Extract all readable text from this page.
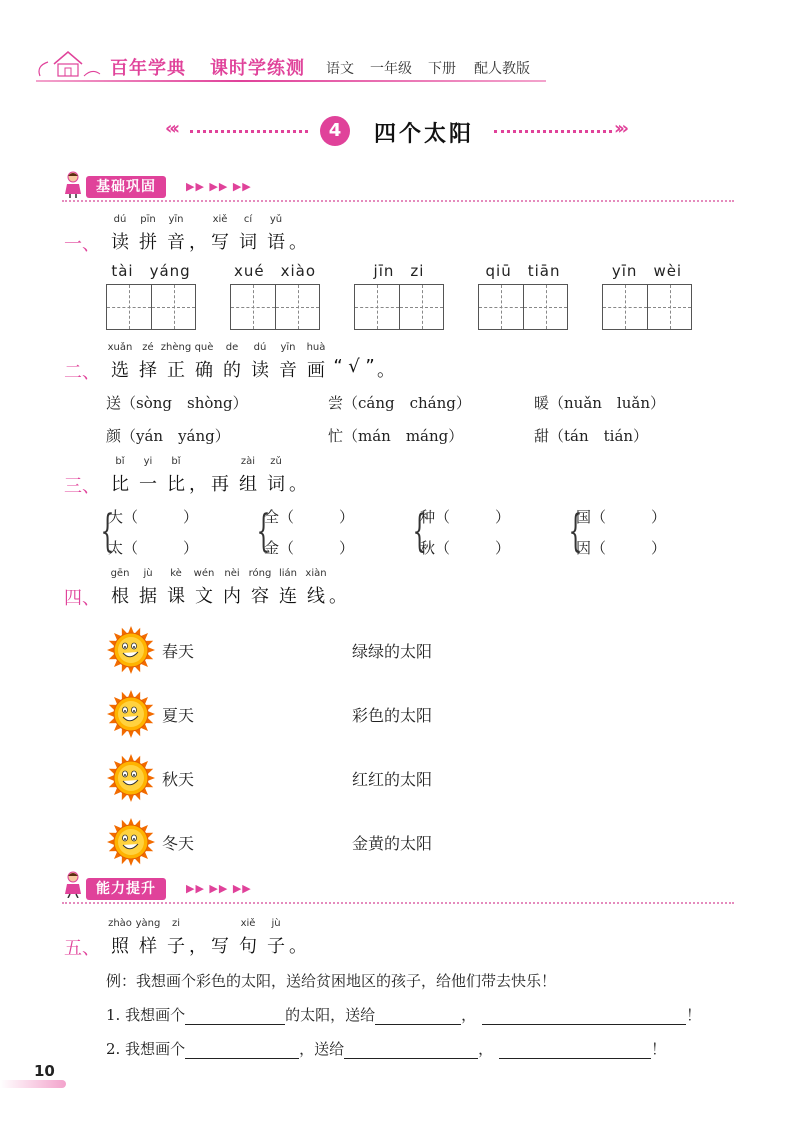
百年学典 课时学练测 语文 一年级 下册 配人教版
«‹	4	四个太阳	›»
基础巩固	▶▶ ▶▶ ▶▶
一、
dú
读
pīn
拼
yīn
音 ，
xiě
写
cí
词
yǔ
语 。
tài yáng	xué xiào	jīn zi	qiū tiān	yīn wèi
二、
xuǎn
选
zé
择
zhèng
正
què
确
de
的
dú
读
yīn
音
huà
画 “ √ ” 。
送（sòng　shòng）	尝（cáng　cháng）	暖（nuǎn　luǎn）
颜（yán　yáng）	忙（mán　máng）	甜（tán　tián）
三、
bǐ
比
yi
一
bǐ
比 ， 再
zài
组
zǔ
词 。
{
大（　　　）
太（　　　） {
全（　　　）
金（　　　） {
种（　　　）
秋（　　　） {
国（　　　）
因（　　　）
四、
gēn
根
jù
据
kè
课
wén
文
nèi
内
róng
容
lián
连
xiàn
线 。
春天	绿绿的太阳
夏天	彩色的太阳
秋天	红红的太阳
冬天	金黄的太阳
能力提升	▶▶ ▶▶ ▶▶
五、
zhào
照
yàng
样
zi
子 ， 写
xiě
句
jù
子 。
例：我想画个彩色的太阳，送给贫困地区的孩子，给他们带去快乐！
1. 我想画个	的太阳，送给	，	！
2. 我想画个	，送给	，	！
10
